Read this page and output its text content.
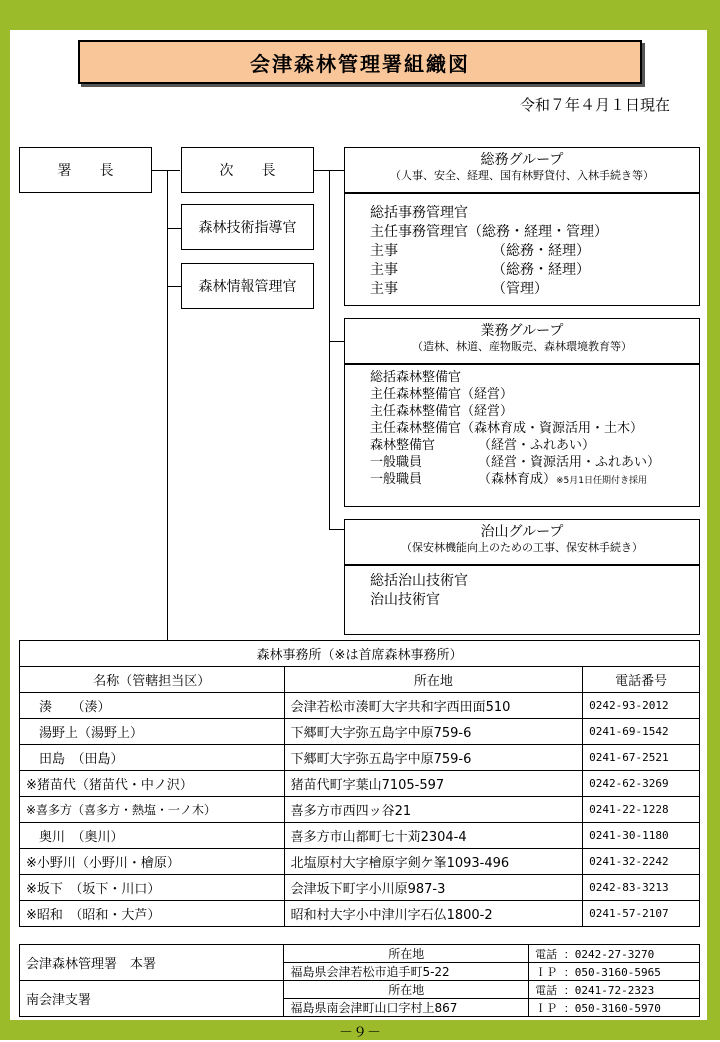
会津森林管理署組織図
令和７年４月１日現在
署　　長	次　　長
森林技術指導官
森林情報管理官
総務グループ
（人事、安全、経理、国有林野貸付、入林手続き等）
総括事務管理官
主任事務管理官（総務・経理・管理）
主事	（総務・経理）
主事	（総務・経理）
主事	（管理）
業務グループ
（造林、林道、産物販売、森林環境教育等）
総括森林整備官
主任森林整備官（経営）
主任森林整備官（経営）
主任森林整備官（森林育成・資源活用・土木）
森林整備官	（経営・ふれあい）
一般職員	（経営・資源活用・ふれあい）
一般職員	（森林育成）※5月1日任期付き採用
治山グループ
（保安林機能向上のための工事、保安林手続き）
総括治山技術官
治山技術官
森林事務所（※は首席森林事務所）		
名称（管轄担当区）	所在地	電話番号
　湊　　（湊）	会津若松市湊町大字共和字西田面510	0242-93-2012
　湯野上（湯野上）	下郷町大字弥五島字中原759-6	0241-69-1542
　田島　（田島）	下郷町大字弥五島字中原759-6	0241-67-2521
※猪苗代（猪苗代・中ノ沢）	猪苗代町字葉山7105-597	0242-62-3269
※喜多方（喜多方・熱塩・一ノ木）	喜多方市西四ッ谷21	0241-22-1228
　奥川　（奥川）	喜多方市山都町七十苅2304-4	0241-30-1180
※小野川（小野川・檜原）	北塩原村大字檜原字剣ケ峯1093-496	0241-32-2242
※坂下　（坂下・川口）	会津坂下町字小川原987-3	0242-83-3213
※昭和　（昭和・大芦）	昭和村大字小中津川字石仏1800-2	0241-57-2107
会津森林管理署　本署	所在地	電話 ：0242-27-3270
	福島県会津若松市追手町5-22	ＩＰ ：050-3160-5965
南会津支署	所在地	電話 ：0241-72-2323
	福島県南会津町山口字村上867	ＩＰ ：050-3160-5970
－９－
